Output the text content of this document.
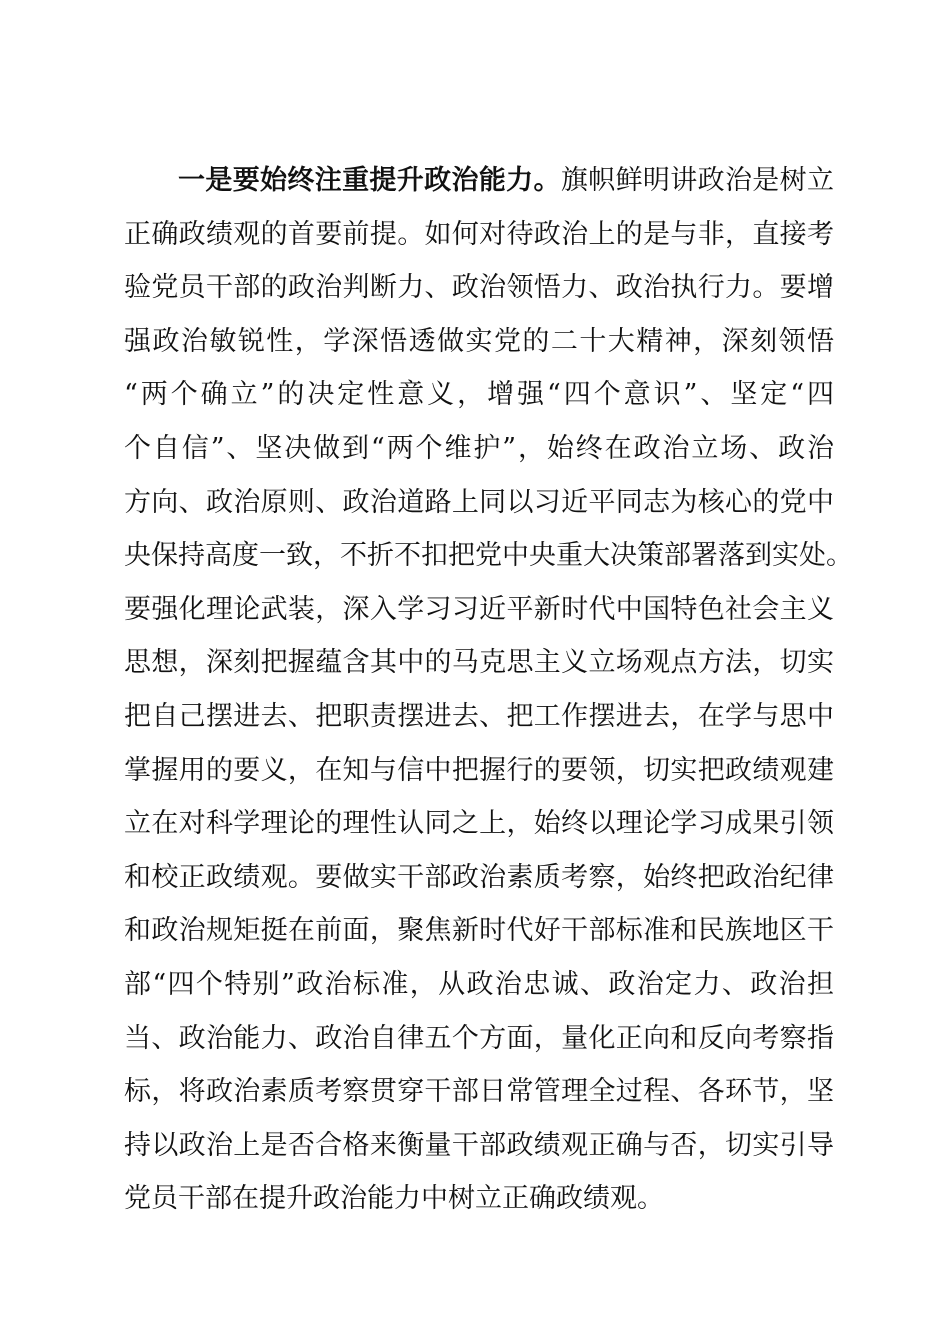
一是要始终注重提升政治能力。旗帜鲜明讲政治是树立
正确政绩观的首要前提。如何对待政治上的是与非，直接考
验党员干部的政治判断力、政治领悟力、政治执行力。要增
强政治敏锐性，学深悟透做实党的二十大精神，深刻领悟
“两个确立”的决定性意义，增强“四个意识”、坚定“四
个自信”、坚决做到“两个维护”，始终在政治立场、政治
方向、政治原则、政治道路上同以习近平同志为核心的党中
央保持高度一致，不折不扣把党中央重大决策部署落到实处。
要强化理论武装，深入学习习近平新时代中国特色社会主义
思想，深刻把握蕴含其中的马克思主义立场观点方法，切实
把自己摆进去、把职责摆进去、把工作摆进去，在学与思中
掌握用的要义，在知与信中把握行的要领，切实把政绩观建
立在对科学理论的理性认同之上，始终以理论学习成果引领
和校正政绩观。要做实干部政治素质考察，始终把政治纪律
和政治规矩挺在前面，聚焦新时代好干部标准和民族地区干
部“四个特别”政治标准，从政治忠诚、政治定力、政治担
当、政治能力、政治自律五个方面，量化正向和反向考察指
标，将政治素质考察贯穿干部日常管理全过程、各环节，坚
持以政治上是否合格来衡量干部政绩观正确与否，切实引导
党员干部在提升政治能力中树立正确政绩观。
